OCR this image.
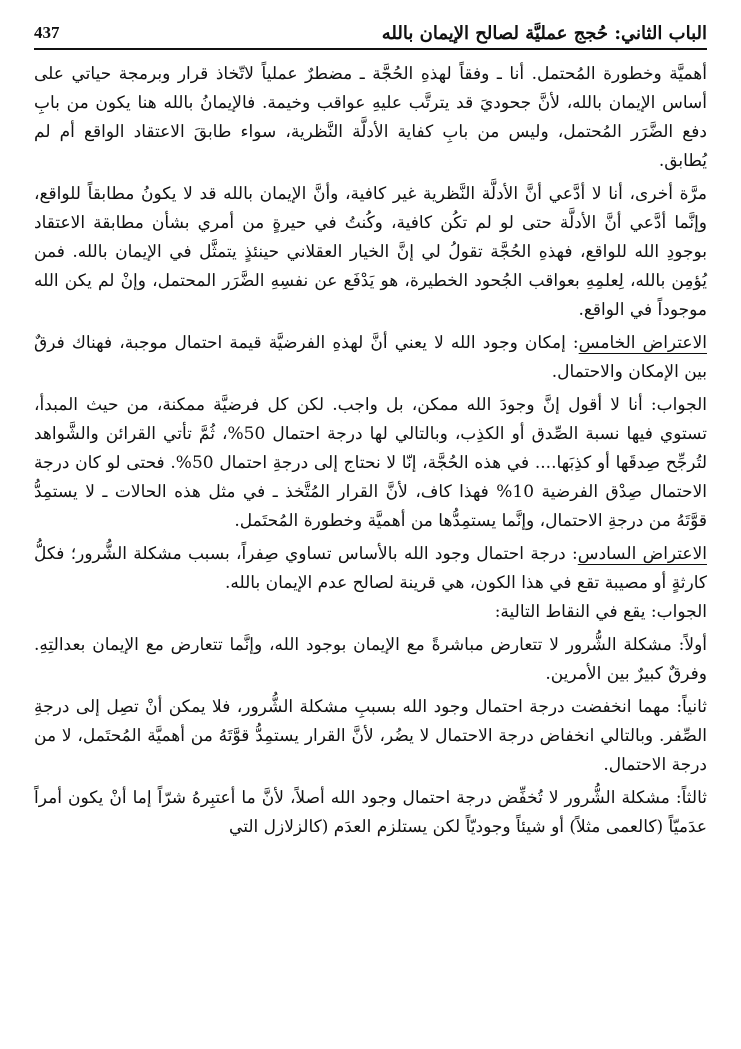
الباب الثاني: حُجج عمليَّة لصالح الإيمان بالله
437

أهميَّة وخطورة المُحتمل. أنا ـ وفقاً لهذهِ الحُجَّة ـ مضطرٌ عملياً لاتّخاذ قرار وبرمجة حياتي على أساس الإيمان بالله، لأنَّ جحوديَ قد يترتَّب عليهِ عواقب وخيمة. فالإيمانُ بالله هنا يكون من بابِ دفع الضَّرَر المُحتمل، وليس من بابِ كفاية الأدلَّة النَّظرية، سواء طابقَ الاعتقاد الواقع أم لم يُطابق.

مرَّة أخرى، أنا لا أدَّعي أنَّ الأدلَّة النَّظرية غير كافية، وأنَّ الإيمان بالله قد لا يكونُ مطابقاً للواقع، وإنَّما أدَّعي أنَّ الأدلَّة حتى لو لم تكُن كافية، وكُنتُ في حيرةٍ من أمري بشأن مطابقة الاعتقاد بوجودِ الله للواقع، فهذهِ الحُجَّة تقولُ لي إنَّ الخيار العقلاني حينئذٍ يتمثَّل في الإيمان بالله. فمن يُؤمِن بالله، لِعلمِهِ بعواقب الجُحود الخطيرة، هو يَدْفَع عن نفسِهِ الضَّرَر المحتمل، وإنْ لم يكن الله موجوداً في الواقع.

الاعتراض الخامس: إمكان وجود الله لا يعني أنَّ لهذهِ الفرضيَّة قيمة احتمال موجبة، فهناك فرقٌ بين الإمكان والاحتمال.

الجواب: أنا لا أقول إنَّ وجودَ الله ممكن، بل واجب. لكن كل فرضيَّة ممكنة، من حيث المبدأ، تستوي فيها نسبة الصِّدق أو الكذِب، وبالتالي لها درجة احتمال 50%، ثُمَّ تأتي القرائن والشَّواهد لتُرجِّح صِدقَها أو كذِبَها.... في هذه الحُجَّة، إنّا لا نحتاج إلى درجةِ احتمال 50%. فحتى لو كان درجة الاحتمال صِدْق الفرضية 10% فهذا كاف، لأنَّ القرار المُتَّخذ ـ في مثل هذه الحالات ـ لا يستمِدُّ قوَّتَهُ من درجةِ الاحتمال، وإنَّما يستمِدُّها من أهميَّة وخطورة المُحتَمل.

الاعتراض السادس: درجة احتمال وجود الله بالأساس تساوي صِفراً، بسبب مشكلة الشُّرور؛ فكلُّ كارثةٍ أو مصيبة تقع في هذا الكون، هي قرينة لصالح عدم الإيمان بالله.

الجواب: يقع في النقاط التالية:

أولاً: مشكلة الشُّرور لا تتعارض مباشرةً مع الإيمان بوجود الله، وإنَّما تتعارض مع الإيمان بعدالتِهِ. وفرقٌ كبيرٌ بين الأمرين.

ثانياً: مهما انخفضت درجة احتمال وجود الله بسببِ مشكلة الشُّرور، فلا يمكن أنْ تصِل إلى درجةِ الصِّفر. وبالتالي انخفاض درجة الاحتمال لا يضُر، لأنَّ القرار يستمِدُّ قوَّتَهُ من أهميَّة المُحتَمل، لا من درجة الاحتمال.

ثالثاً: مشكلة الشُّرور لا تُخفِّض درجة احتمال وجود الله أصلاً، لأنَّ ما أعتبِرهُ شرّاً إما أنْ يكون أمراً عدَميّاً (كالعمى مثلاً) أو شيئاً وجوديّاً لكن يستلزم العدَم (كالزلازل التي
